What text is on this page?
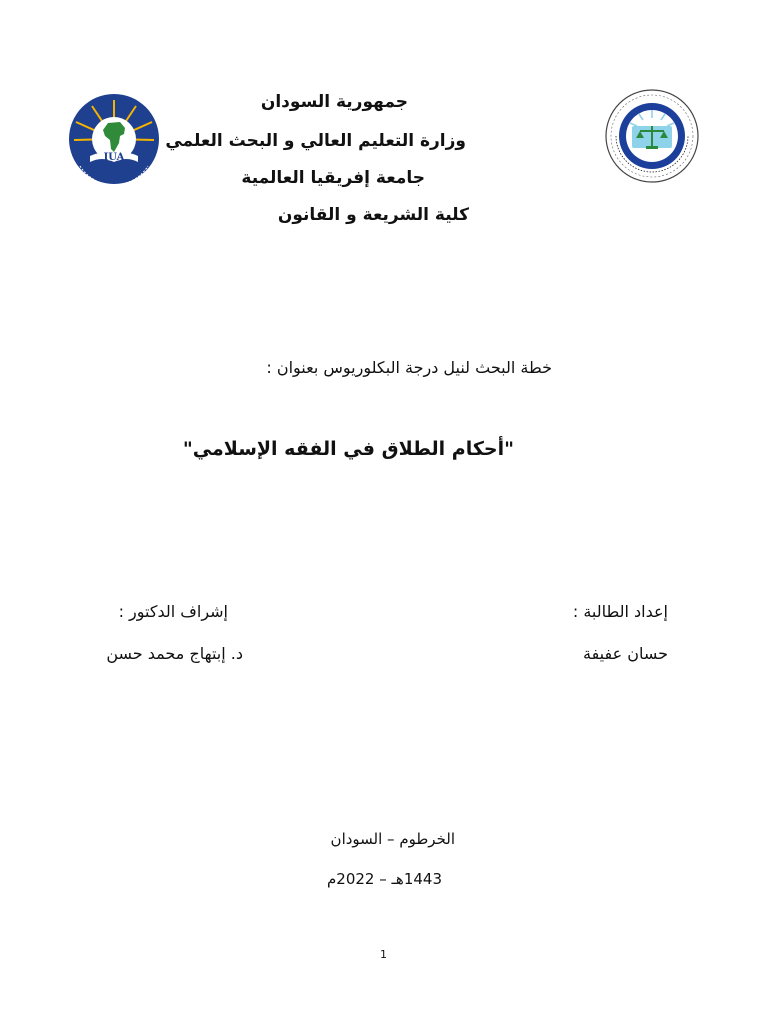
IUA
جمهورية السودان
وزارة التعليم العالي و البحث العلمي
جامعة إفريقيا العالمية
كلية الشريعة و القانون
خطة البحث لنيل درجة البكلوريوس بعنوان :
"أحكام الطلاق في الفقه الإسلامي"
إعداد الطالبة :
حسان عفيفة
إشراف الدكتور :
د. إبتهاج محمد حسن
الخرطوم – السودان
1443هـ – 2022م
1
